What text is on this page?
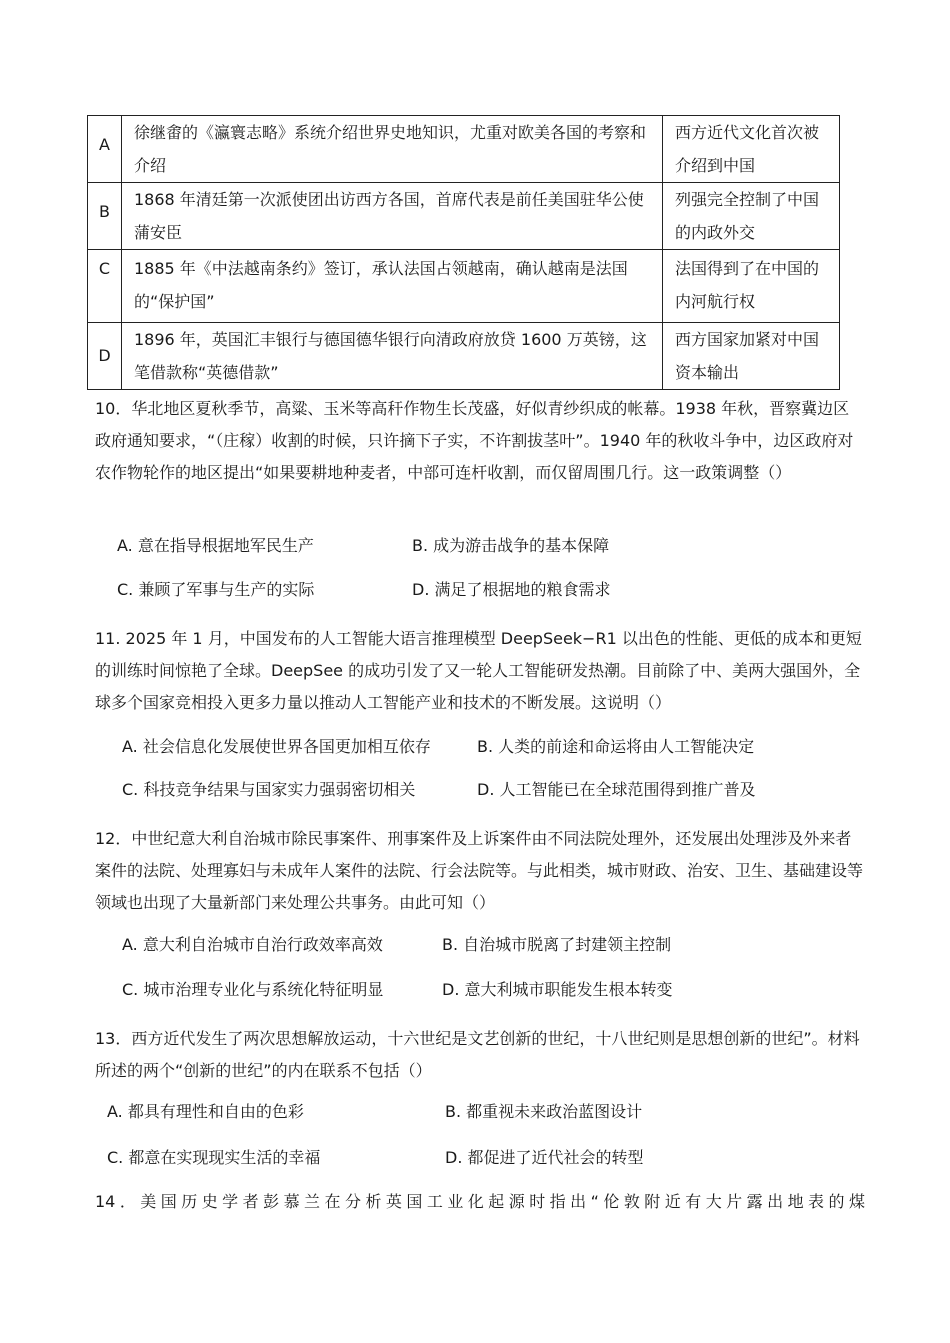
A	徐继畬的《瀛寰志略》系统介绍世界史地知识，尤重对欧美各国的考察和介绍	西方近代文化首次被介绍到中国

B	1868 年清廷第一次派使团出访西方各国，首席代表是前任美国驻华公使蒲安臣	列强完全控制了中国的内政外交

C	1885 年《中法越南条约》签订，承认法国占领越南，确认越南是法国的“保护国”	法国得到了在中国的内河航行权

D	1896 年，英国汇丰银行与德国德华银行向清政府放贷 1600 万英镑，这笔借款称“英德借款”	西方国家加紧对中国资本输出
10．华北地区夏秋季节，高粱、玉米等高秆作物生长茂盛，好似青纱织成的帐幕。1938 年秋，晋察冀边区政府通知要求，“（庄稼）收割的时候，只许摘下子实，不许割拔茎叶”。1940 年的秋收斗争中，边区政府对农作物轮作的地区提出“如果要耕地种麦者，中部可连杆收割，而仅留周围几行。这一政策调整（）
A. 意在指导根据地军民生产	B. 成为游击战争的基本保障
C. 兼顾了军事与生产的实际	D. 满足了根据地的粮食需求
11. 2025 年 1 月，中国发布的人工智能大语言推理模型 DeepSeek−R1 以出色的性能、更低的成本和更短的训练时间惊艳了全球。DeepSee 的成功引发了又一轮人工智能研发热潮。目前除了中、美两大强国外，全球多个国家竞相投入更多力量以推动人工智能产业和技术的不断发展。这说明（）
A. 社会信息化发展使世界各国更加相互依存	B. 人类的前途和命运将由人工智能决定
C. 科技竞争结果与国家实力强弱密切相关	D. 人工智能已在全球范围得到推广普及
12．中世纪意大利自治城市除民事案件、刑事案件及上诉案件由不同法院处理外，还发展出处理涉及外来者案件的法院、处理寡妇与未成年人案件的法院、行会法院等。与此相类，城市财政、治安、卫生、基础建设等领域也出现了大量新部门来处理公共事务。由此可知（）
A. 意大利自治城市自治行政效率高效	B. 自治城市脱离了封建领主控制
C. 城市治理专业化与系统化特征明显	D. 意大利城市职能发生根本转变
13．西方近代发生了两次思想解放运动，十六世纪是文艺创新的世纪，十八世纪则是思想创新的世纪”。材料所述的两个“创新的世纪”的内在联系不包括（）
A. 都具有理性和自由的色彩	B. 都重视未来政治蓝图设计
C. 都意在实现现实生活的幸福	D. 都促进了近代社会的转型
14．美国历史学者彭慕兰在分析英国工业化起源时指出“伦敦附近有大片露出地表的煤
